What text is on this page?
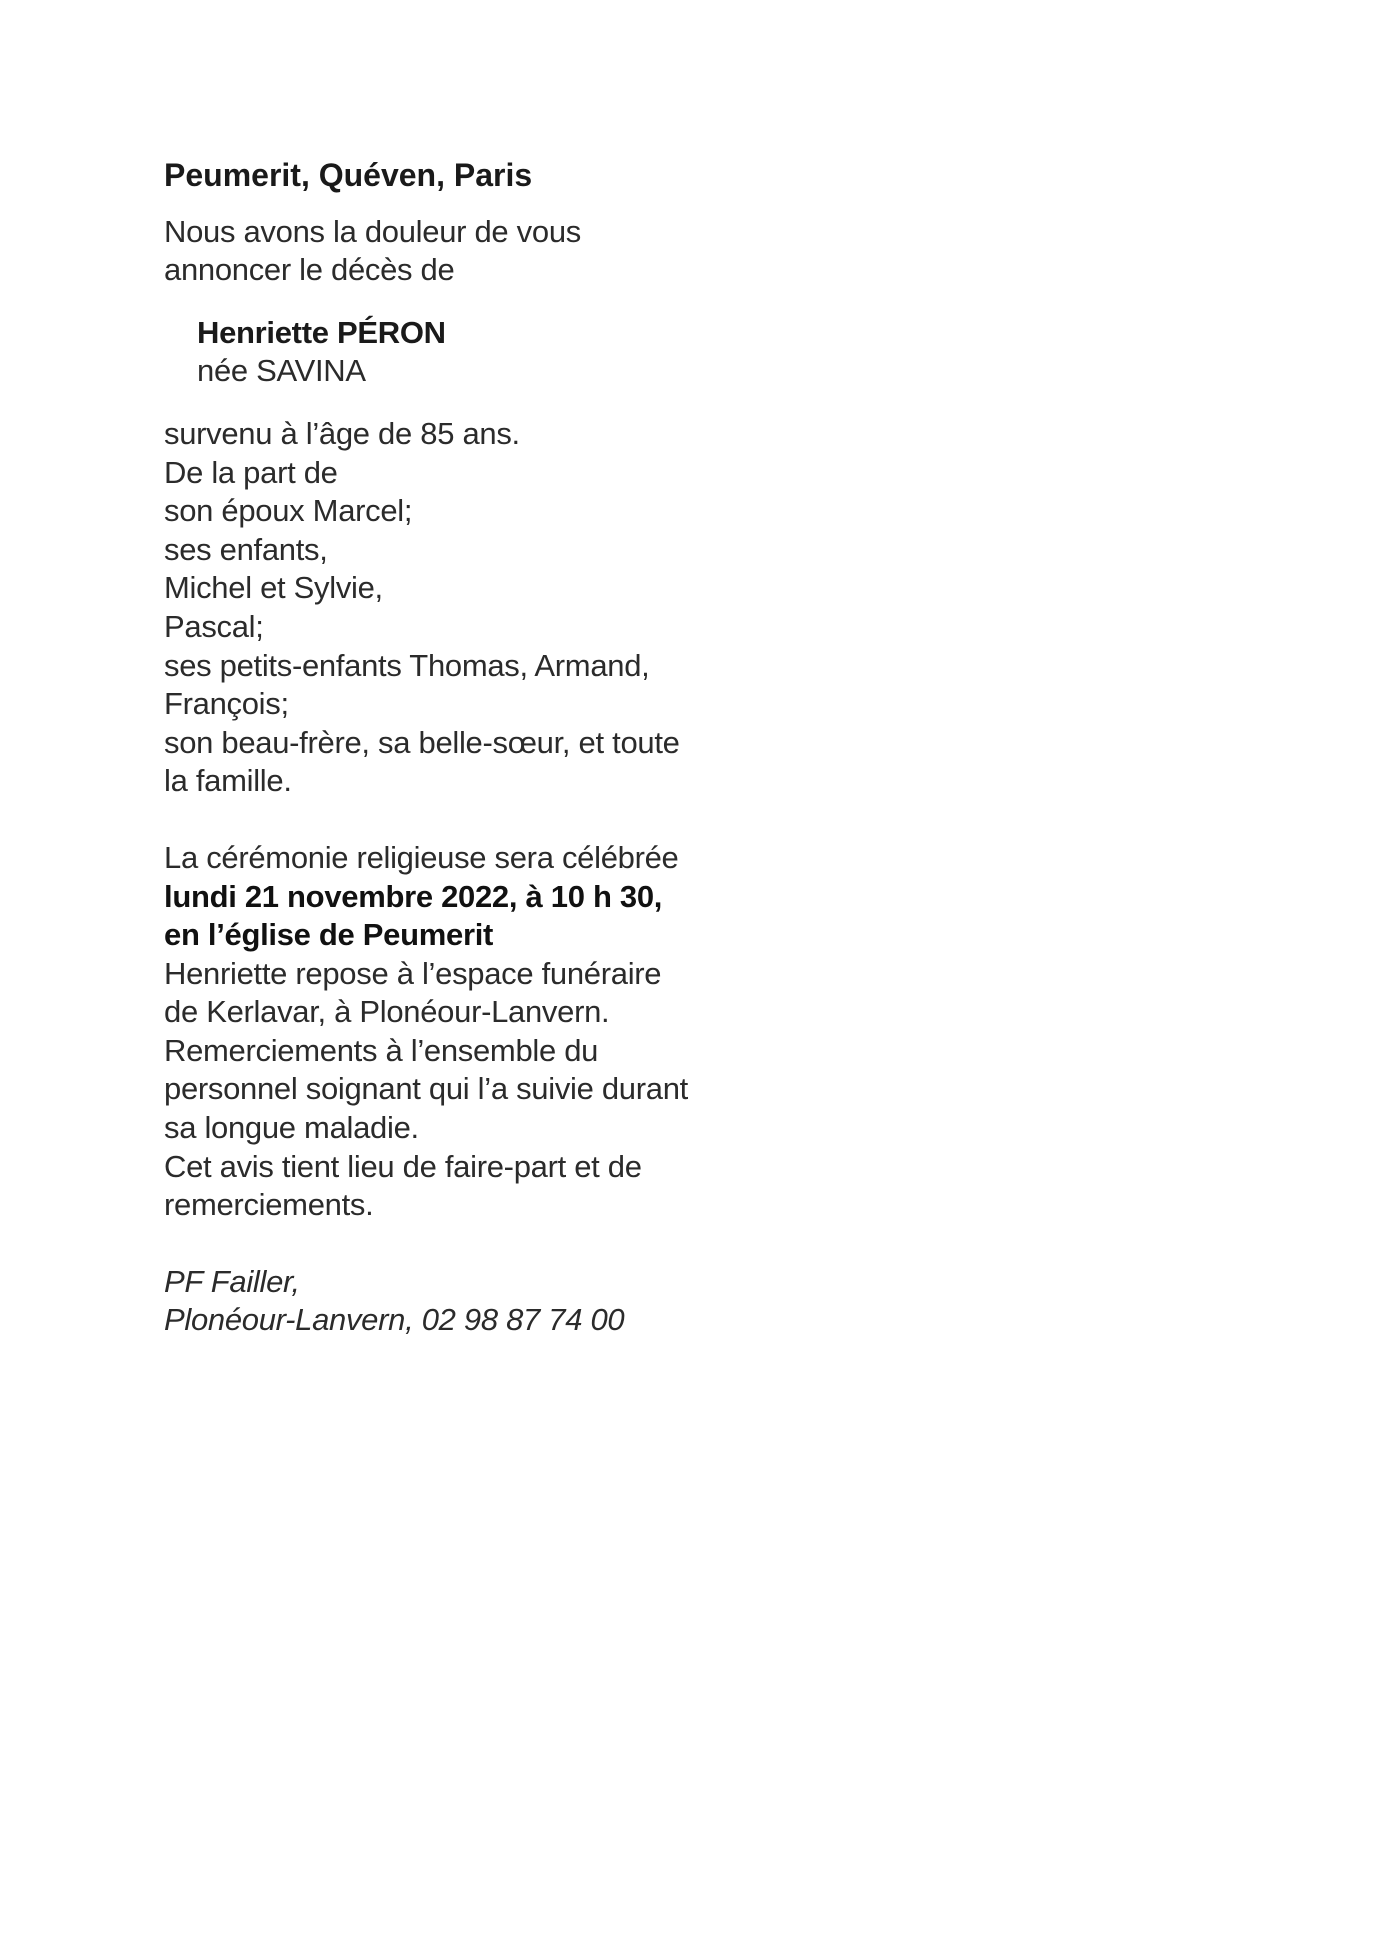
Peumerit, Quéven, Paris
Nous avons la douleur de vous
annoncer le décès de
Henriette PÉRON
née SAVINA
survenu à l’âge de 85 ans.
De la part de
son époux Marcel;
ses enfants,
Michel et Sylvie,
Pascal;
ses petits-enfants Thomas, Armand,
François;
son beau-frère, sa belle-sœur, et toute
la famille.
La cérémonie religieuse sera célébrée
lundi 21 novembre 2022, à 10 h 30,
en l’église de Peumerit
Henriette repose à l’espace funéraire
de Kerlavar, à Plonéour-Lanvern.
Remerciements à l’ensemble du
personnel soignant qui l’a suivie durant
sa longue maladie.
Cet avis tient lieu de faire-part et de
remerciements.
PF Failler,
Plonéour-Lanvern, 02 98 87 74 00
